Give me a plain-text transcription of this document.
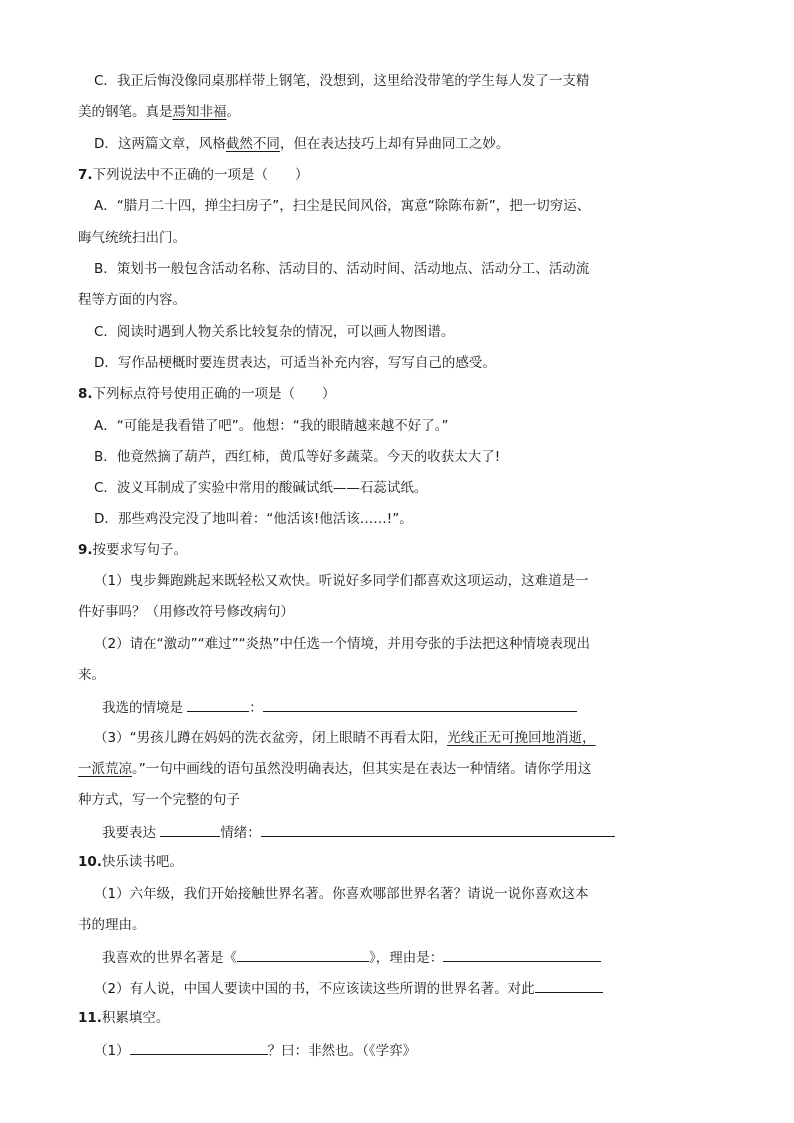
C．我正后悔没像同桌那样带上钢笔，没想到，这里给没带笔的学生每人发了一支精
美的钢笔。真是焉知非福。
D．这两篇文章，风格截然不同，但在表达技巧上却有异曲同工之妙。
7.下列说法中不正确的一项是（　　）
A．“腊月二十四，掸尘扫房子”，扫尘是民间风俗，寓意“除陈布新”，把一切穷运、
晦气统统扫出门。
B．策划书一般包含活动名称、活动目的、活动时间、活动地点、活动分工、活动流
程等方面的内容。
C．阅读时遇到人物关系比较复杂的情况，可以画人物图谱。
D．写作品梗概时要连贯表达，可适当补充内容，写写自己的感受。
8.下列标点符号使用正确的一项是（　　）
A．“可能是我看错了吧”。他想：“我的眼睛越来越不好了。”
B．他竟然摘了葫芦，西红柿，黄瓜等好多蔬菜。今天的收获太大了!
C．波义耳制成了实验中常用的酸碱试纸——石蕊试纸。
D．那些鸡没完没了地叫着：“他活该!他活该……!”。
9.按要求写句子。
（1）曳步舞跑跳起来既轻松又欢快。听说好多同学们都喜欢这项运动，这难道是一
件好事吗？（用修改符号修改病句）
（2）请在“激动”“难过”“炎热”中任选一个情境，并用夸张的手法把这种情境表现出
来。
我选的情境是	：
（3）“男孩儿蹲在妈妈的洗衣盆旁，闭上眼睛不再看太阳，光线正无可挽回地消逝，
一派荒凉。”一句中画线的语句虽然没明确表达，但其实是在表达一种情绪。请你学用这
种方式，写一个完整的句子
我要表达	情绪：
10.快乐读书吧。
（1）六年级，我们开始接触世界名著。你喜欢哪部世界名著？请说一说你喜欢这本
书的理由。
我喜欢的世界名著是《	》，理由是：
（2）有人说，中国人要读中国的书，不应该读这些所谓的世界名著。对此
11.积累填空。
（1）	？曰：非然也。（《学弈》
